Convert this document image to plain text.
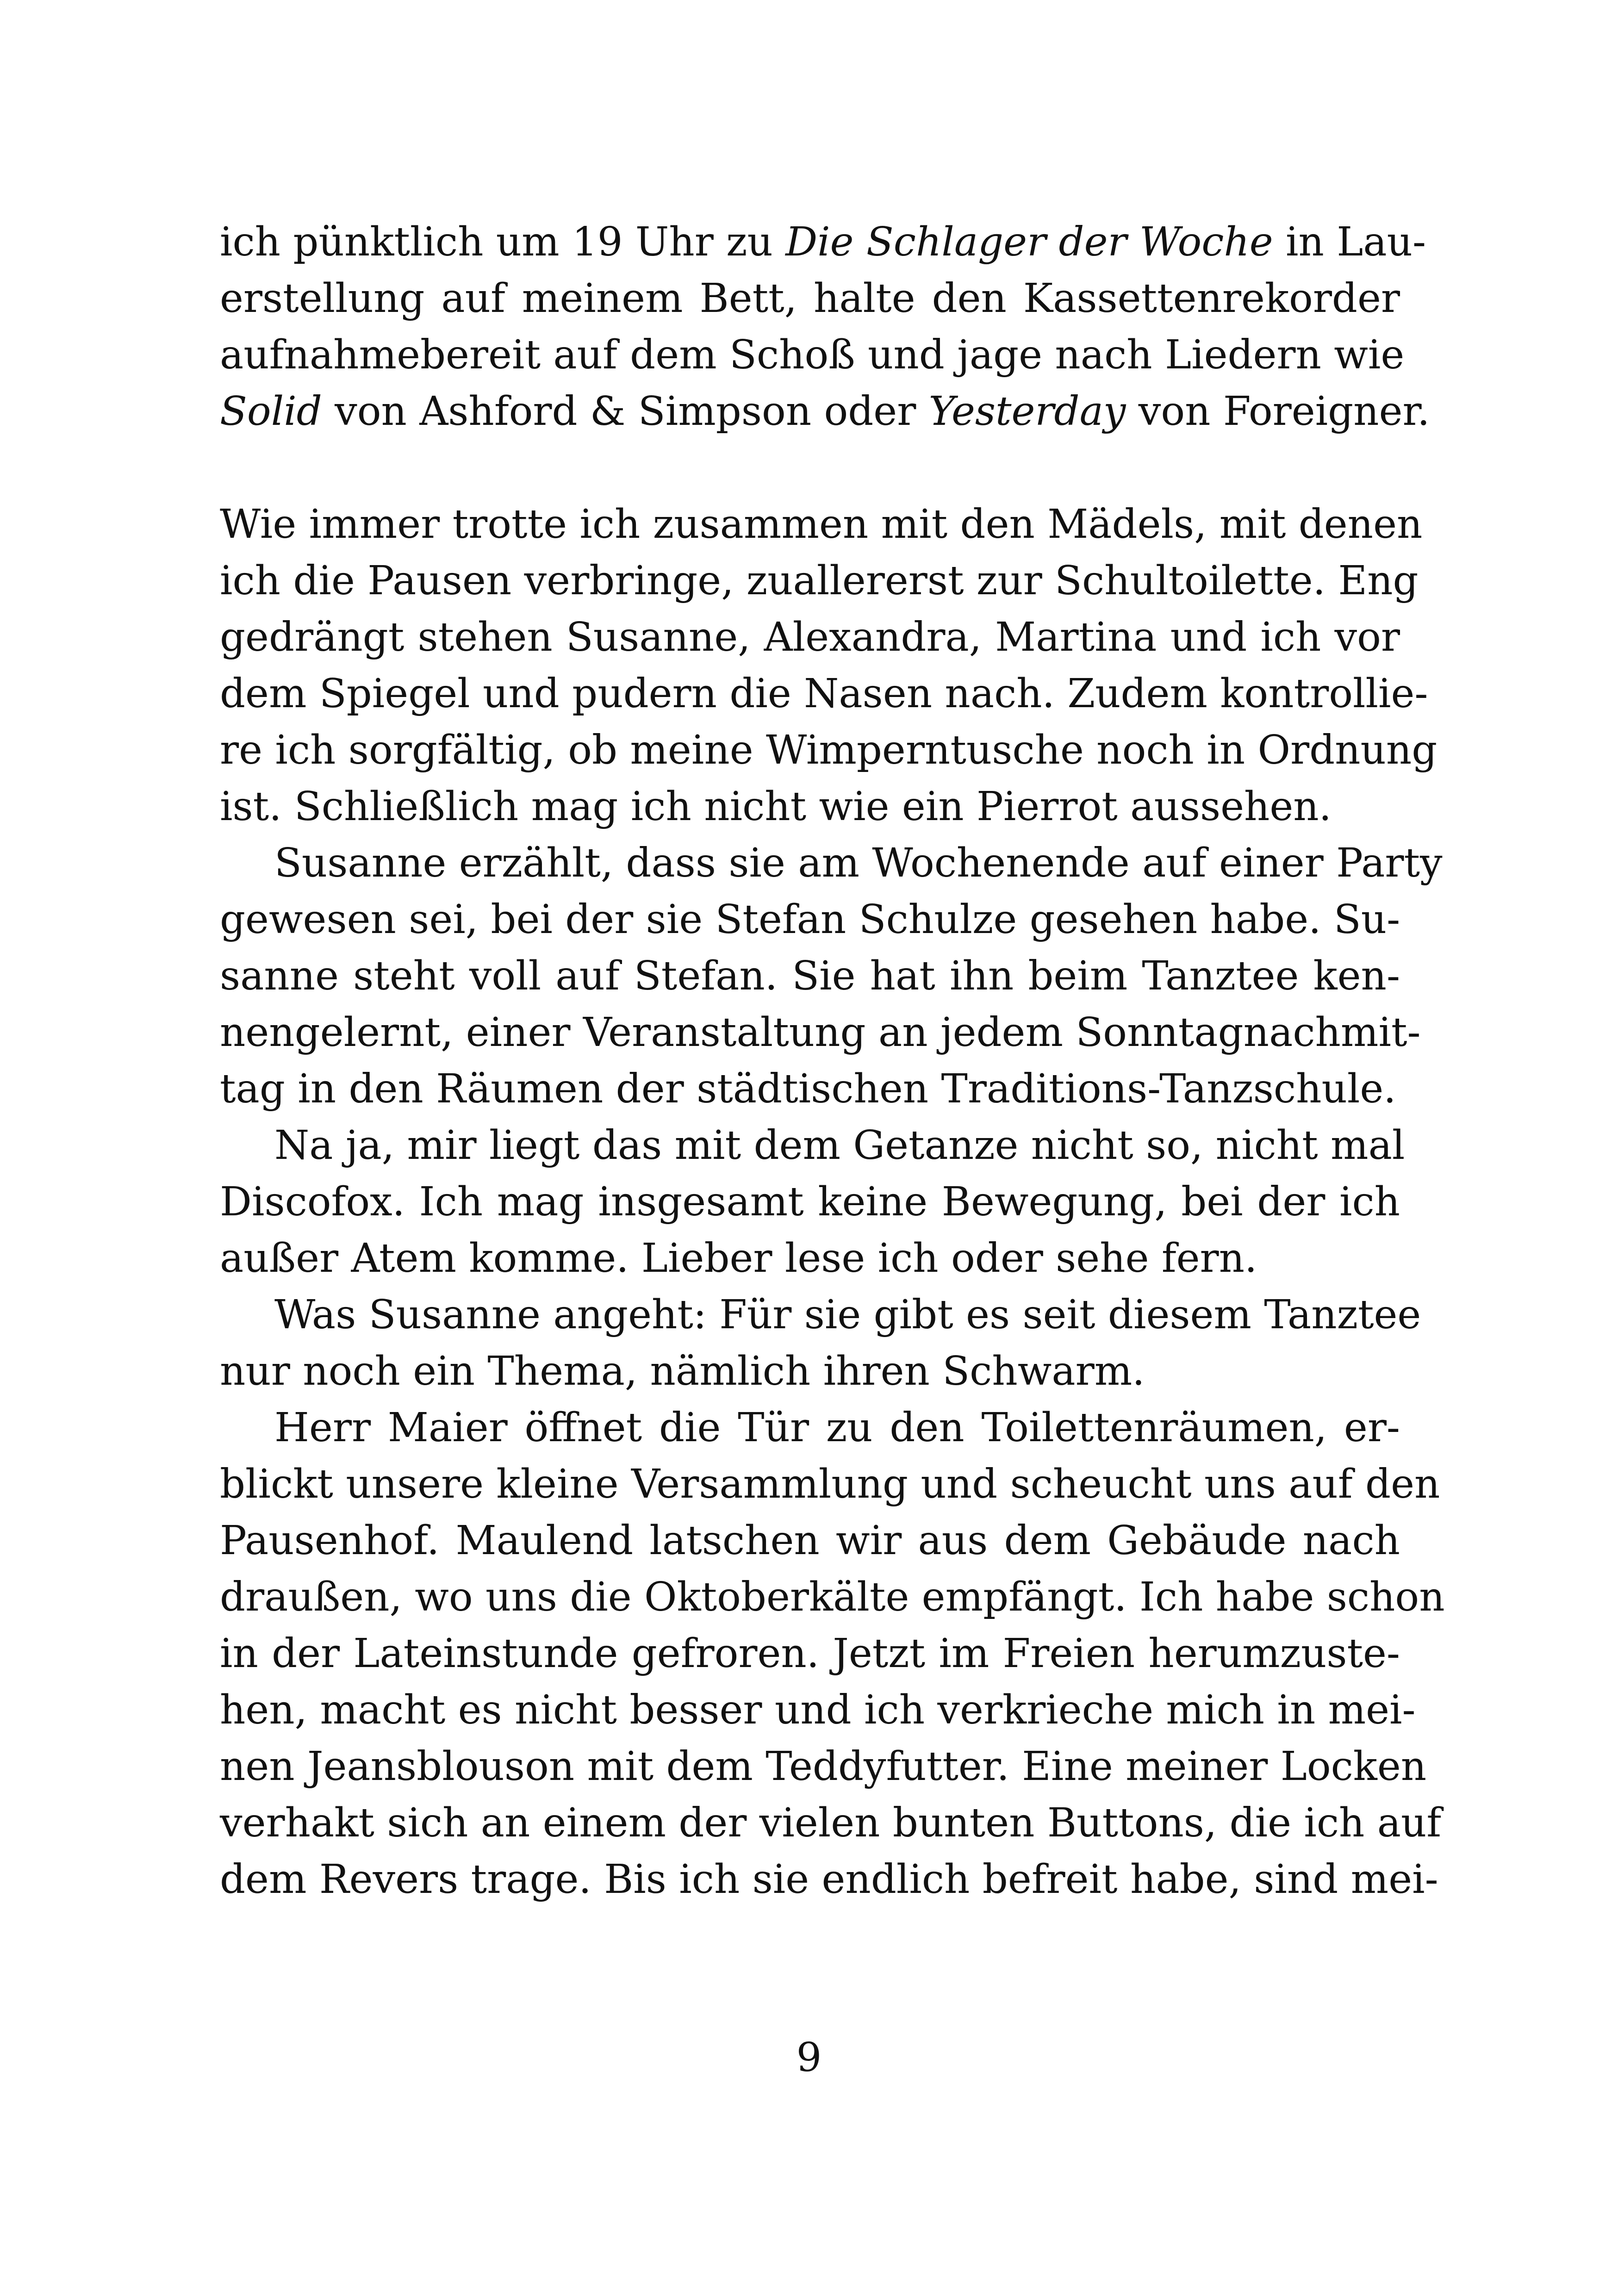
ich pünktlich um 19 Uhr zu Die Schlager der Woche in Lau-
erstellung auf meinem Bett, halte den Kassettenrekorder
aufnahmebereit auf dem Schoß und jage nach Liedern wie
Solid von Ashford & Simpson oder Yesterday von Foreigner.
Wie immer trotte ich zusammen mit den Mädels, mit denen
ich die Pausen verbringe, zuallererst zur Schultoilette. Eng
gedrängt stehen Susanne, Alexandra, Martina und ich vor
dem Spiegel und pudern die Nasen nach. Zudem kontrollie-
re ich sorgfältig, ob meine Wimperntusche noch in Ordnung
ist. Schließlich mag ich nicht wie ein Pierrot aussehen.
Susanne erzählt, dass sie am Wochenende auf einer Party
gewesen sei, bei der sie Stefan Schulze gesehen habe. Su-
sanne steht voll auf Stefan. Sie hat ihn beim Tanztee ken-
nengelernt, einer Veranstaltung an jedem Sonntagnachmit-
tag in den Räumen der städtischen Traditions-Tanzschule.
Na ja, mir liegt das mit dem Getanze nicht so, nicht mal
Discofox. Ich mag insgesamt keine Bewegung, bei der ich
außer Atem komme. Lieber lese ich oder sehe fern.
Was Susanne angeht: Für sie gibt es seit diesem Tanztee
nur noch ein Thema, nämlich ihren Schwarm.
Herr Maier öffnet die Tür zu den Toilettenräumen, er-
blickt unsere kleine Versammlung und scheucht uns auf den
Pausenhof. Maulend latschen wir aus dem Gebäude nach
draußen, wo uns die Oktoberkälte empfängt. Ich habe schon
in der Lateinstunde gefroren. Jetzt im Freien herumzuste-
hen, macht es nicht besser und ich verkrieche mich in mei-
nen Jeansblouson mit dem Teddyfutter. Eine meiner Locken
verhakt sich an einem der vielen bunten Buttons, die ich auf
dem Revers trage. Bis ich sie endlich befreit habe, sind mei-
9
